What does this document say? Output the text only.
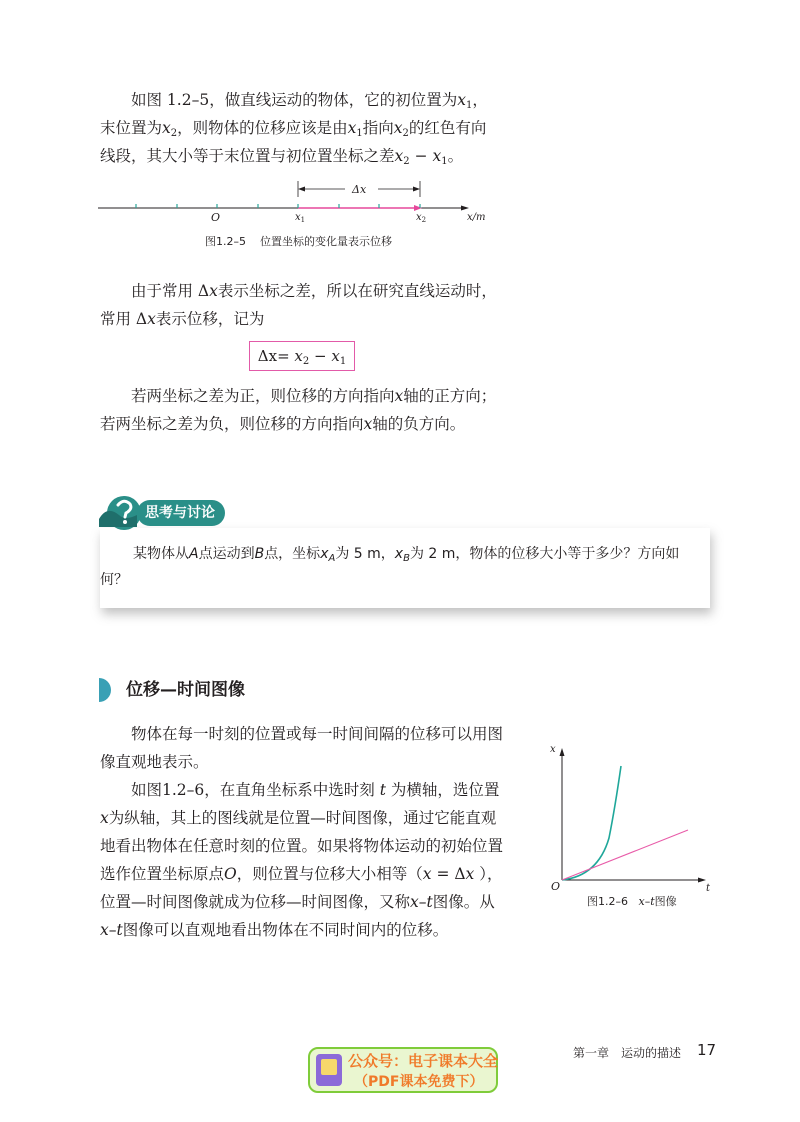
如图 1.2–5，做直线运动的物体，它的初位置为$x_1$，末位置为$x_2$，则物体的位移应该是由$x_1$指向$x_2$的红色有向线段，其大小等于末位置与初位置坐标之差$x_2 - x_1$。

Δx
O	$x_1$	$x_2$	x/m
图1.2–5 位置坐标的变化量表示位移

由于常用 Δx表示坐标之差，所以在研究直线运动时，常用 Δx表示位移，记为

$\Delta x= x_2 - x_1$

若两坐标之差为正，则位移的方向指向x轴的正方向；若两坐标之差为负，则位移的方向指向x轴的负方向。

思考与讨论

某物体从A点运动到B点，坐标$x_A$为 5 m，$x_B$为 2 m，物体的位移大小等于多少？方向如何？

位移—时间图像

物体在每一时刻的位置或每一时间间隔的位移可以用图像直观地表示。

如图1.2–6，在直角坐标系中选时刻 t 为横轴，选位置x为纵轴，其上的图线就是位置—时间图像，通过它能直观地看出物体在任意时刻的位置。如果将物体运动的初始位置选作位置坐标原点O，则位置与位移大小相等（x = Δx ），位置—时间图像就成为位移—时间图像，又称x–t图像。从x–t图像可以直观地看出物体在不同时间内的位移。

x
t
O
图1.2–6 x–t图像
第一章　运动的描述 17
公众号：电子课本大全
（PDF课本免费下）
